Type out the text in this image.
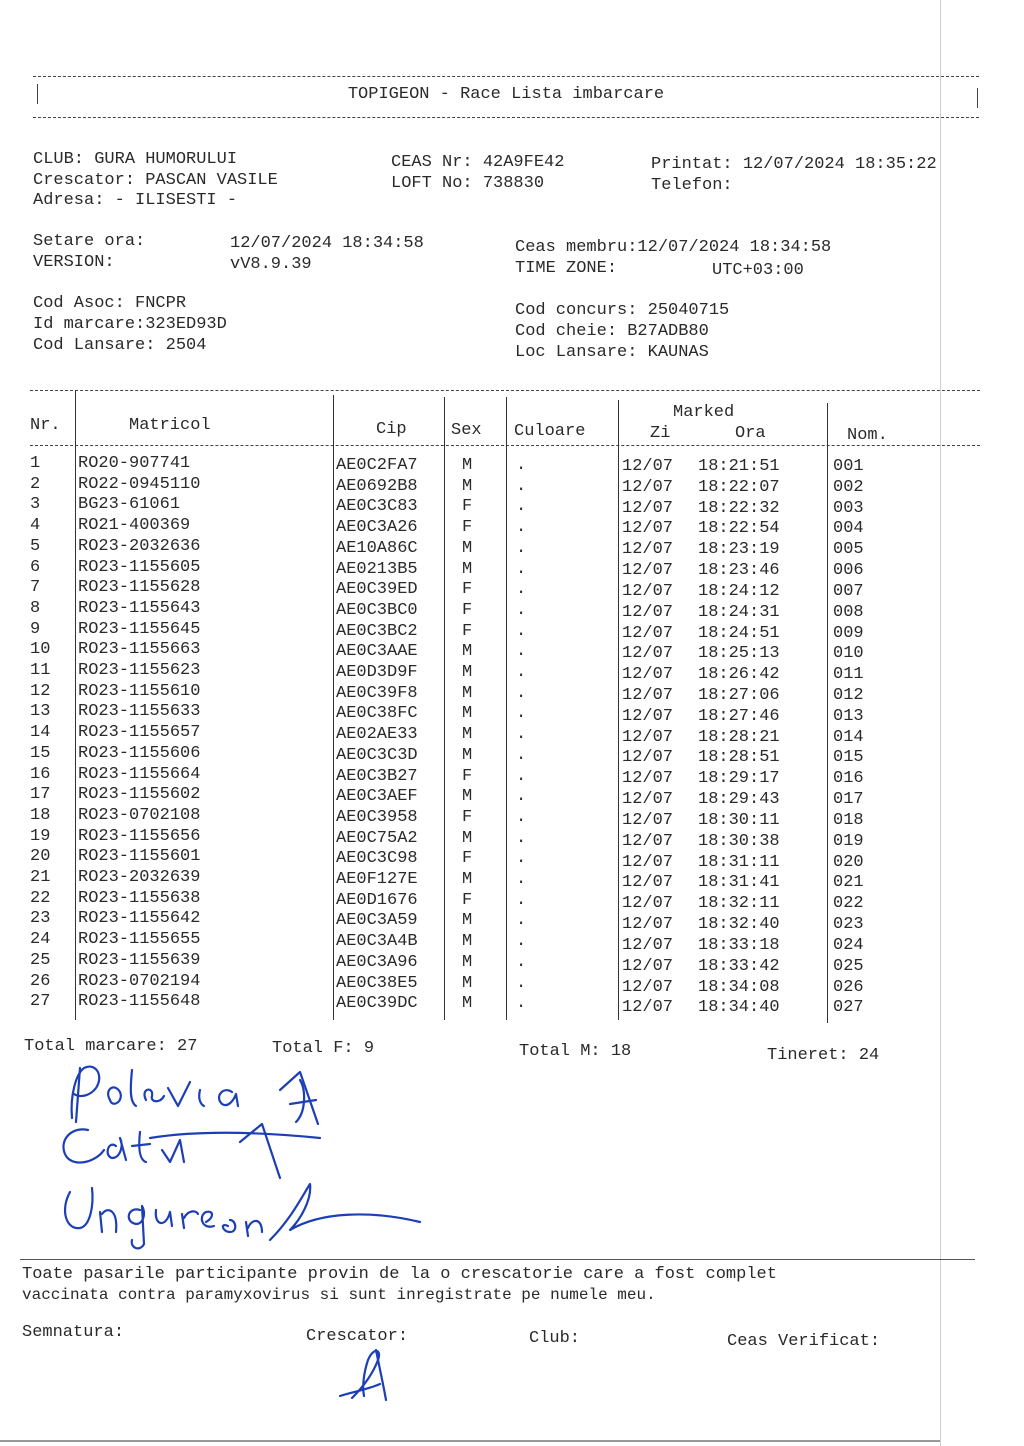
TOPIGEON - Race Lista imbarcare
CLUB: GURA HUMORULUI
Crescator: PASCAN VASILE
Adresa: - ILISESTI -
CEAS Nr: 42A9FE42
LOFT No: 738830
Printat: 12/07/2024 18:35:22
Telefon:
Setare ora:	12/07/2024 18:34:58
VERSION:	vV8.9.39
Ceas membru:12/07/2024 18:34:58
TIME ZONE:	UTC+03:00
Cod Asoc: FNCPR
Id marcare:323ED93D
Cod Lansare: 2504
Cod concurs: 25040715
Cod cheie: B27ADB80
Loc Lansare: KAUNAS
Nr.	Matricol	Cip	Sex Culoare
Marked
Zi	Ora	Nom.
1 RO20-907741	AE0C2FA7	M	.	12/07 18:21:51	001
2 RO22-0945110	AE0692B8	M	.	12/07 18:22:07	002
3 BG23-61061	AE0C3C83	F	.	12/07 18:22:32	003
4 RO21-400369	AE0C3A26	F	.	12/07 18:22:54	004
5 RO23-2032636	AE10A86C	M	.	12/07 18:23:19	005
6 RO23-1155605	AE0213B5	M	.	12/07 18:23:46	006
7 RO23-1155628	AE0C39ED	F	.	12/07 18:24:12	007
8 RO23-1155643	AE0C3BC0	F	.	12/07 18:24:31	008
9 RO23-1155645	AE0C3BC2	F	.	12/07 18:24:51	009
10 RO23-1155663	AE0C3AAE	M	.	12/07 18:25:13	010
11 RO23-1155623	AE0D3D9F	M	.	12/07 18:26:42	011
12 RO23-1155610	AE0C39F8	M	.	12/07 18:27:06	012
13 RO23-1155633	AE0C38FC	M	.	12/07 18:27:46	013
14 RO23-1155657	AE02AE33	M	.	12/07 18:28:21	014
15 RO23-1155606	AE0C3C3D	M	.	12/07 18:28:51	015
16 RO23-1155664	AE0C3B27	F	.	12/07 18:29:17	016
17 RO23-1155602	AE0C3AEF	M	.	12/07 18:29:43	017
18 RO23-0702108	AE0C3958	F	.	12/07 18:30:11	018
19 RO23-1155656	AE0C75A2	M	.	12/07 18:30:38	019
20 RO23-1155601	AE0C3C98	F	.	12/07 18:31:11	020
21 RO23-2032639	AE0F127E	M	.	12/07 18:31:41	021
22 RO23-1155638	AE0D1676	F	.	12/07 18:32:11	022
23 RO23-1155642	AE0C3A59	M	.	12/07 18:32:40	023
24 RO23-1155655	AE0C3A4B	M	.	12/07 18:33:18	024
25 RO23-1155639	AE0C3A96	M	.	12/07 18:33:42	025
26 RO23-0702194	AE0C38E5	M	.	12/07 18:34:08	026
27 RO23-1155648	AE0C39DC	M	.	12/07 18:34:40	027
Total marcare: 27	Total F: 9	Total M: 18	Tineret: 24
Toate pasarile participante provin de la o crescatorie care a fost complet
vaccinata contra paramyxovirus si sunt inregistrate pe numele meu.
Semnatura:	Crescator:	Club:	Ceas Verificat:
